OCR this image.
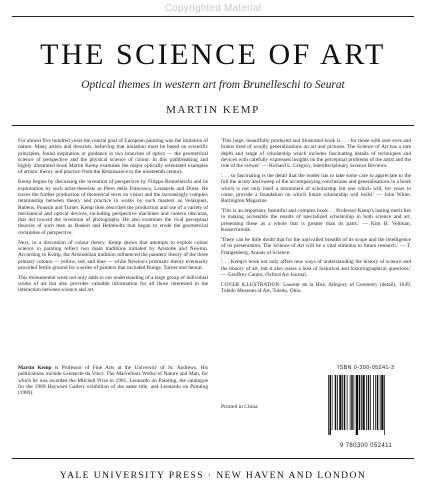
Copyrighted Material
THE SCIENCE OF ART
Optical themes in western art from Brunelleschi to Seurat
MARTIN KEMP

For almost five hundred years the central goal of European painting was the imitation of nature. Many artists and theorists, believing that imitation must be based on scientific principles, found inspiration or guidance in two branches of optics — the geometrical science of perspective and the physical science of colour. In this pathbreaking and highly illustrated book Martin Kemp examines the major optically orientated examples of artistic theory and practice from the Renaissance to the nineteenth century.

Kemp begins by discussing the invention of perspective by Filippo Brunelleschi and its exploitation by such artist-theorists as Piero della Francesca, Leonardo and Dürer. He traces the further production of theoretical texts on vision and the increasingly complex relationship between theory and practice in works by such masters as Velázquez, Rubens, Poussin and Turner. Kemp then describes the production and use of a variety of mechanical and optical devices, including perspective machines and camera obscuras, that led toward the invention of photography. He also examines the rival perceptual theories of such men as Ruskin and Helmholtz that began to erode the geometrical certainties of perspective.

Next, in a discussion of colour theory, Kemp shows that attempts to exploit colour science in painting reflect two main traditions initiated by Aristotle and Newton. According to Kemp, the Aristotelian tradition influenced the painters' theory of the three primary colours — yellow, red, and blue — while Newton's prismatic theory eventually provided fertile ground for a series of painters that included Runge, Turner and Seurat.

This monumental work not only adds to our understanding of a large group of individual works of art but also provides valuable information for all those interested in the interaction between science and art.

Martin Kemp is Professor of Fine Arts at the University of St. Andrews. His publications include Leonardo da Vinci: The Marvellous Works of Nature and Man, for which he was awarded the Mitchell Prize in 1981, Leonardo on Painting, the catalogue for the 1989 Hayward Gallery exhibition of the same title, and Leonardo on Painting (1989).

'This large, beautifully produced and illustrated book is . . . for those with sure eyes and brains tired of woolly generalisations on art and pictures. The Science of Art has a rare depth and range of scholarship which includes fascinating details of techniques and devices with carefully expressed insights on the perceptual problems of the artist and the role of the viewer.' — Richard L. Gregory, Interdisciplinary Science Reviews.

'. . . so fascinating is the detail that the reader has to take some care to appreciate to the full the acuity and sweep of the accompanying conclusions and generalisations in a book which is not only itself a monument of scholarship but one which will, for years to come, provide a foundation on which future scholarship will build.' — John White, Burlington Magazine.

'This is an important, beautiful and complex book. . . Professor Kemp's lasting merit lies in making accessible the results of specialized scholarship in both science and art, presenting these as a whole that is greater than its parts.' — Kim H. Veltman, Kunstchronik.

'There can be little doubt that for the unrivalled breadth of its scope and the intelligence of its presentation, The Science of Art will be a vital stimulus to future research.' — T. Frangenberg, Annals of Science.

'. . . Kemp's book not only offers new ways of understanding the history of science and the history of art, but it also raises a host of historical and historiographical questions.' — Geoffrey Cantor, Oxford Art Journal.

COVER ILLUSTRATION: Laurent de la Hire, Allegory of Geometry (detail), 1649, Toledo Museum of Art, Toledo, Ohio.

Printed in China
ISBN 0-300-05241-3
9 780300 052411
YALE UNIVERSITY PRESS · NEW HAVEN AND LONDON
